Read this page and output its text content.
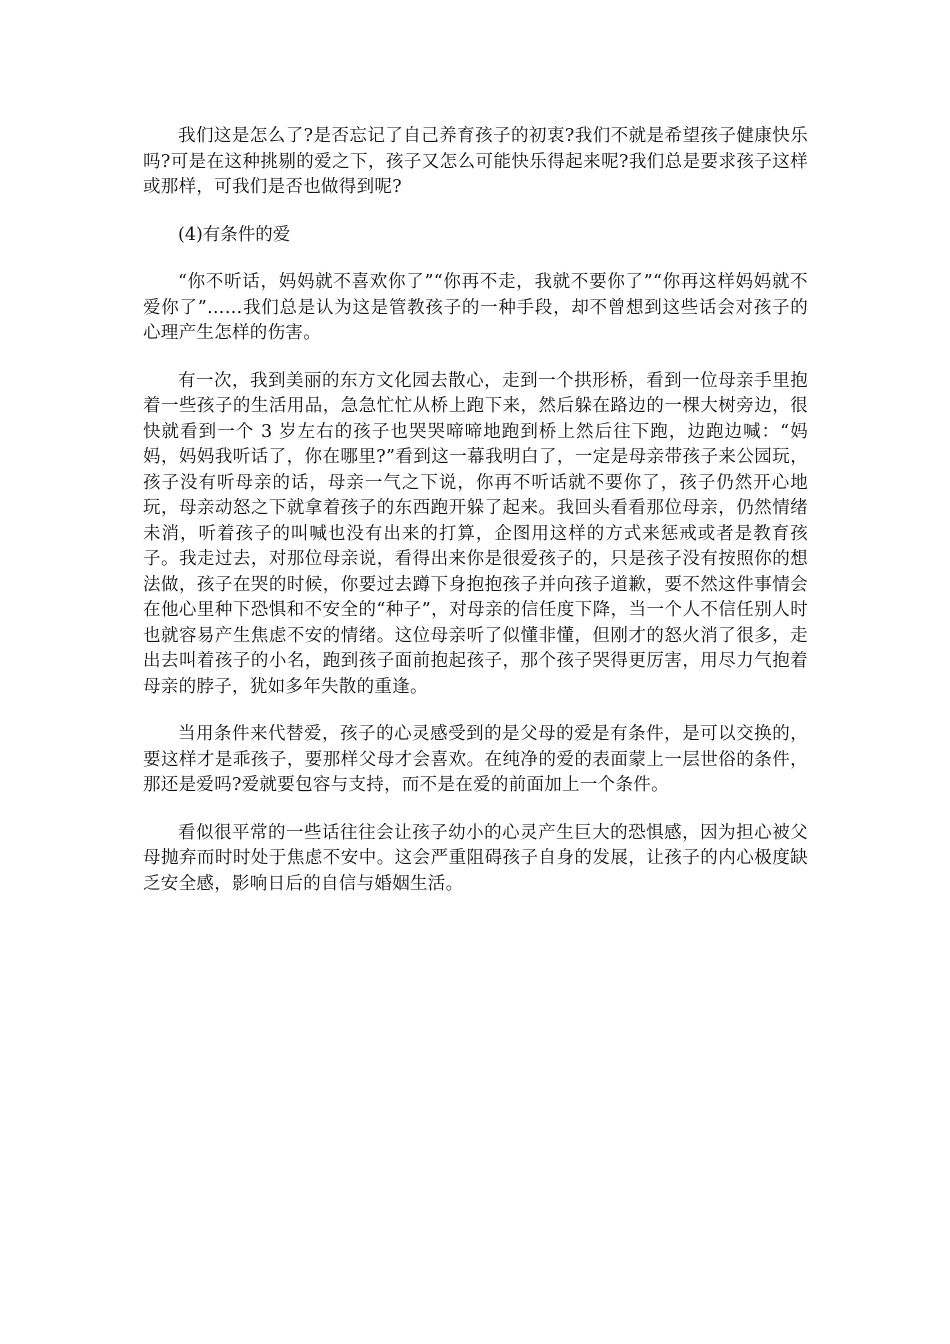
我们这是怎么了?是否忘记了自己养育孩子的初衷?我们不就是希望孩子健康快乐吗?可是在这种挑剔的爱之下，孩子又怎么可能快乐得起来呢?我们总是要求孩子这样或那样，可我们是否也做得到呢?

(4)有条件的爱

“你不听话，妈妈就不喜欢你了”“你再不走，我就不要你了”“你再这样妈妈就不爱你了”……我们总是认为这是管教孩子的一种手段，却不曾想到这些话会对孩子的心理产生怎样的伤害。

有一次，我到美丽的东方文化园去散心，走到一个拱形桥，看到一位母亲手里抱着一些孩子的生活用品，急急忙忙从桥上跑下来，然后躲在路边的一棵大树旁边，很快就看到一个 3 岁左右的孩子也哭哭啼啼地跑到桥上然后往下跑，边跑边喊：“妈妈，妈妈我听话了，你在哪里?”看到这一幕我明白了，一定是母亲带孩子来公园玩，孩子没有听母亲的话，母亲一气之下说，你再不听话就不要你了，孩子仍然开心地玩，母亲动怒之下就拿着孩子的东西跑开躲了起来。我回头看看那位母亲，仍然情绪未消，听着孩子的叫喊也没有出来的打算，企图用这样的方式来惩戒或者是教育孩子。我走过去，对那位母亲说，看得出来你是很爱孩子的，只是孩子没有按照你的想法做，孩子在哭的时候，你要过去蹲下身抱抱孩子并向孩子道歉，要不然这件事情会在他心里种下恐惧和不安全的“种子”，对母亲的信任度下降，当一个人不信任别人时也就容易产生焦虑不安的情绪。这位母亲听了似懂非懂，但刚才的怒火消了很多，走出去叫着孩子的小名，跑到孩子面前抱起孩子，那个孩子哭得更厉害，用尽力气抱着母亲的脖子，犹如多年失散的重逢。

当用条件来代替爱，孩子的心灵感受到的是父母的爱是有条件，是可以交换的，要这样才是乖孩子，要那样父母才会喜欢。在纯净的爱的表面蒙上一层世俗的条件，那还是爱吗?爱就要包容与支持，而不是在爱的前面加上一个条件。

看似很平常的一些话往往会让孩子幼小的心灵产生巨大的恐惧感，因为担心被父母抛弃而时时处于焦虑不安中。这会严重阻碍孩子自身的发展，让孩子的内心极度缺乏安全感，影响日后的自信与婚姻生活。
